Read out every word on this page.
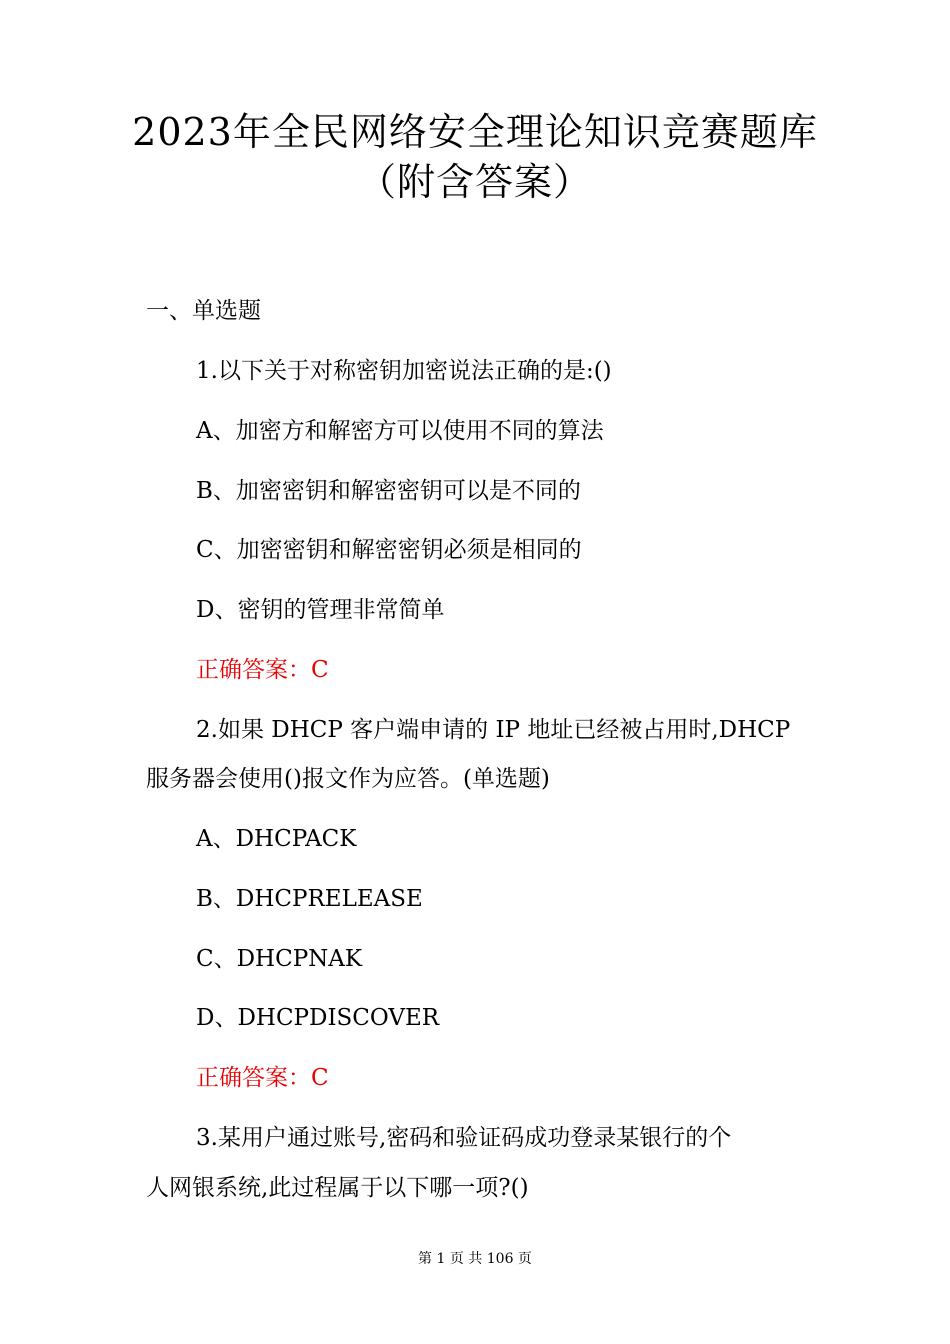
2023年全民网络安全理论知识竞赛题库
（附含答案）
一、单选题
1.以下关于对称密钥加密说法正确的是:()
A、加密方和解密方可以使用不同的算法
B、加密密钥和解密密钥可以是不同的
C、加密密钥和解密密钥必须是相同的
D、密钥的管理非常简单
正确答案：C
2.如果 DHCP 客户端申请的 IP 地址已经被占用时,DHCP
服务器会使用()报文作为应答。(单选题)
A、DHCPACK
B、DHCPRELEASE
C、DHCPNAK
D、DHCPDISCOVER
正确答案：C
3.某用户通过账号,密码和验证码成功登录某银行的个
人网银系统,此过程属于以下哪一项?()
第 1 页 共 106 页
